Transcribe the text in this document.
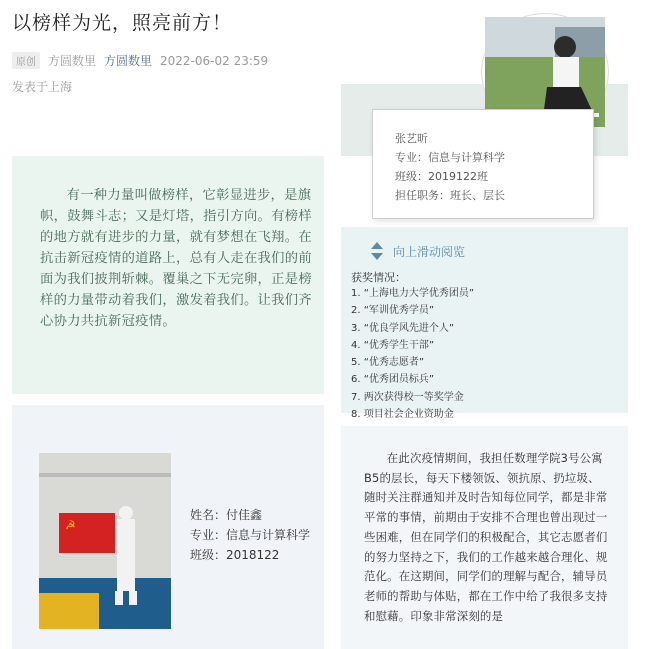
以榜样为光，照亮前方！
原创	方圆数里 方圆数里 2022-06-02 23:59
发表于上海

有一种力量叫做榜样，它彰显进步，是旗帜，鼓舞斗志；又是灯塔，指引方向。有榜样的地方就有进步的力量，就有梦想在飞翔。在抗击新冠疫情的道路上，总有人走在我们的前面为我们披荆斩棘。覆巢之下无完卵，正是榜样的力量带动着我们，激发着我们。让我们齐心协力共抗新冠疫情。

张艺昕
专业：信息与计算科学
班级：2019122班
担任职务：班长、层长
向上滑动阅览
获奖情况：
1. “上海电力大学优秀团员”
2. “军训优秀学员”
3. “优良学风先进个人”
4. “优秀学生干部”
5. “优秀志愿者”
6. “优秀团员标兵”
7. 两次获得校一等奖学金
8. 项目社会企业资助金
☭
姓名：付佳鑫
专业：信息与计算科学
班级：2018122

在此次疫情期间，我担任数理学院3号公寓B5的层长，每天下楼领饭、领抗原、扔垃圾、随时关注群通知并及时告知每位同学，都是非常平常的事情，前期由于安排不合理也曾出现过一些困难，但在同学们的积极配合，其它志愿者们的努力坚持之下，我们的工作越来越合理化、规范化。在这期间，同学们的理解与配合，辅导员老师的帮助与体贴，都在工作中给了我很多支持和慰藉。印象非常深刻的是
